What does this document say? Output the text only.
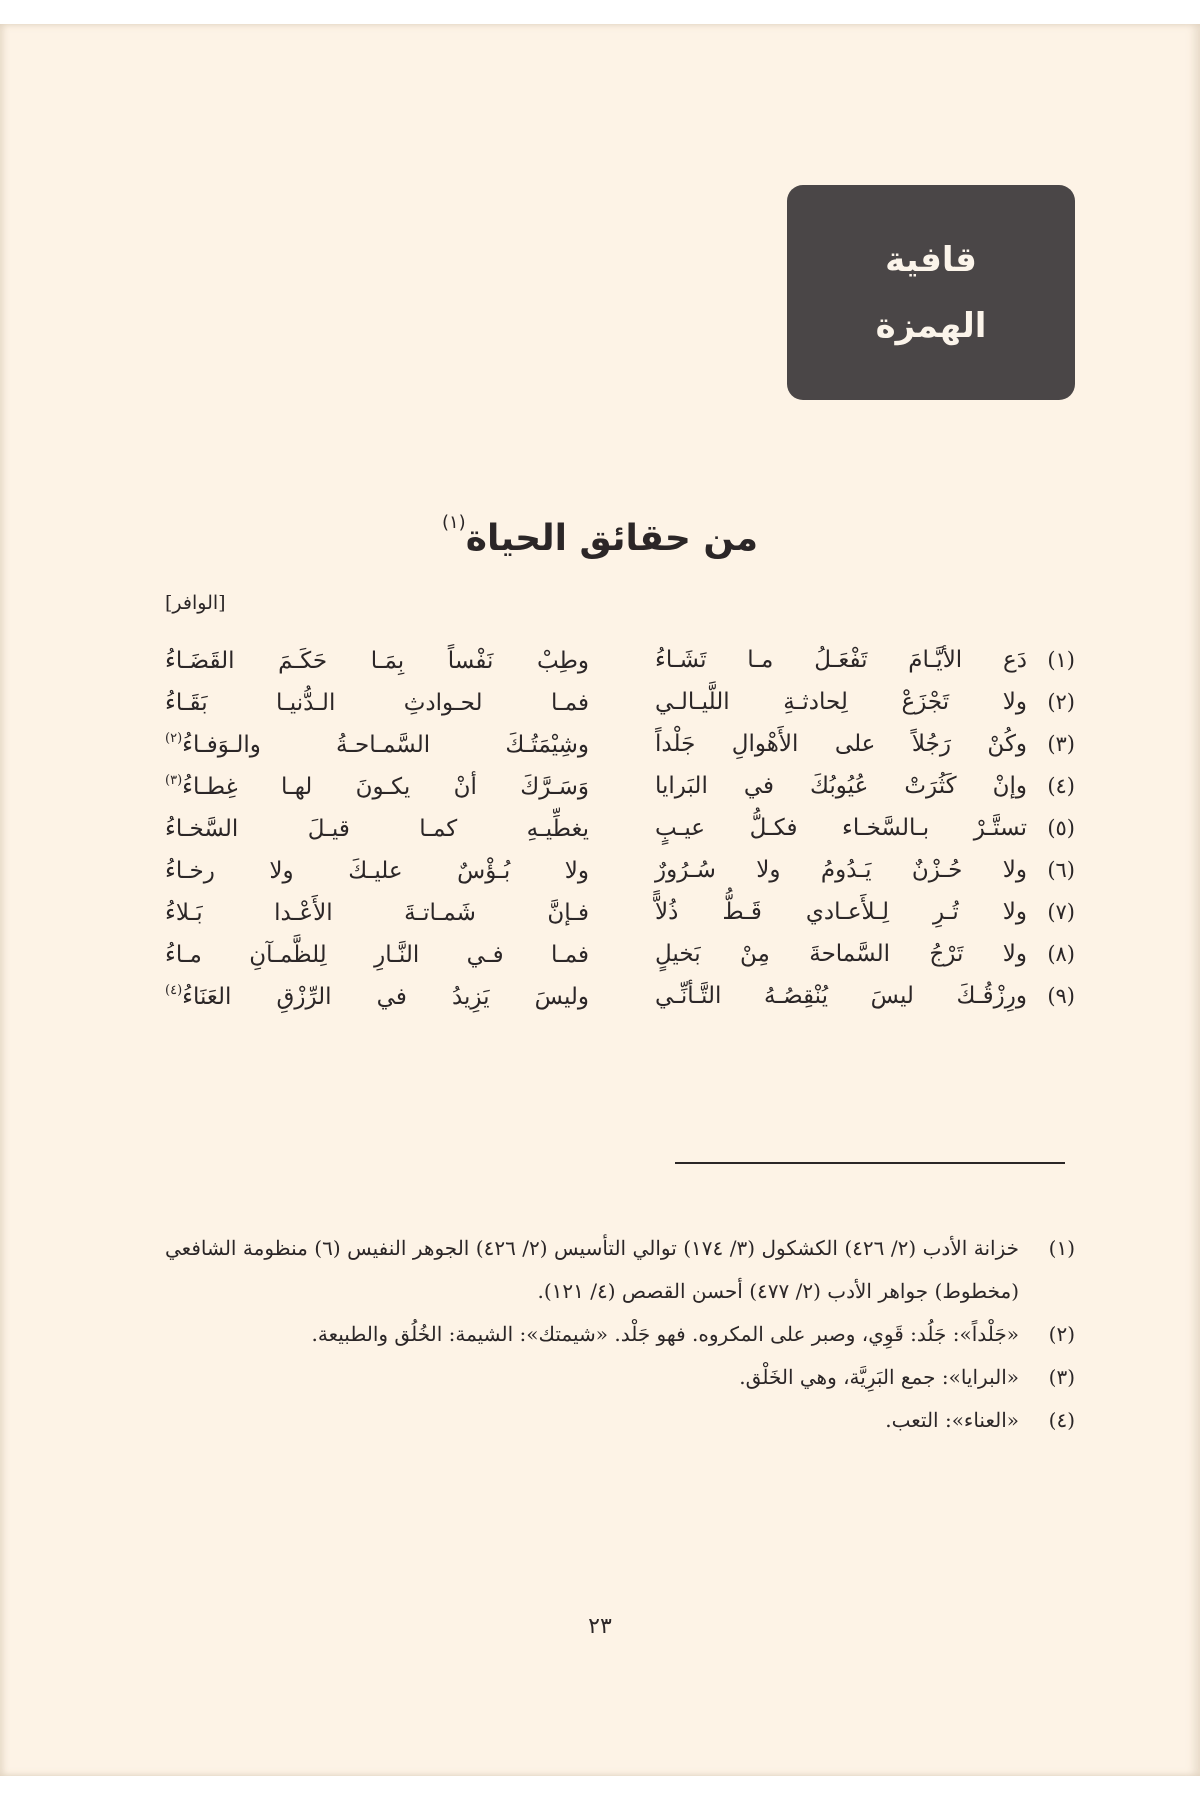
قافية
الهمزة
من حقائق الحياة$^{(١)}$
[الوافر]
(١)
دَع الأيَّـامَ تَفْعَـلُ مـا تَشَـاءُ
وطِبْ نَفْساً بِمَـا حَكَـمَ القَضَـاءُ
(٢)
ولا تَجْزَعْ لِحادثـةِ اللَّيـالـي
فمـا لحـوادثِ الـدُّنيـا بَقَـاءُ
(٣)
وكُنْ رَجُلاً على الأَهْوالِ جَلْداً
وشِيْمَتُـكَ السَّمـاحـةُ والـوَفـاءُ$^{(٢)}$
(٤)
وإنْ كَثُرَتْ عُيُوبُكَ في البَرايا
وَسَـرَّكَ أنْ يكـونَ لهـا غِطـاءُ$^{(٣)}$
(٥)
تستَّـرْ بـالسَّخـاء فكـلُّ عيـبٍ
يغطِّيـهِ كمـا قيـلَ السَّخـاءُ
(٦)
ولا حُـزْنٌ يَـدُومُ ولا سُـرُورٌ
ولا بُـؤْسٌ عليـكَ ولا رخـاءُ
(٧)
ولا تُـرِ لِـلأَعـادي قَـطُّ ذُلاًّ
فـإنَّ شَمـاتـةَ الأَعْـدا بَـلاءُ
(٨)
ولا تَرْجُ السَّماحةَ مِنْ بَخيلٍ
فمـا فـي النَّـارِ لِلظَّمـآنِ مـاءُ
(٩)
ورِزْقُـكَ ليسَ يُنْقِصُـهُ التَّـأنِّـي
وليسَ يَزِيدُ في الرِّزْقِ العَنَاءُ$^{(٤)}$
(١)
خزانة الأدب (٢/ ٤٢٦) الكشكول (٣/ ١٧٤) توالي التأسيس (٢/ ٤٢٦) الجوهر النفيس (٦) منظومة الشافعي (مخطوط) جواهر الأدب (٢/ ٤٧٧) أحسن القصص (٤/ ١٢١).
(٢)
«جَلْداً»: جَلُد: قَوِي، وصبر على المكروه. فهو جَلْد. «شيمتك»: الشيمة: الخُلُق والطبيعة.
(٣)
«البرايا»: جمع البَرِيَّة، وهي الخَلْق.
(٤)
«العناء»: التعب.
٢٣
